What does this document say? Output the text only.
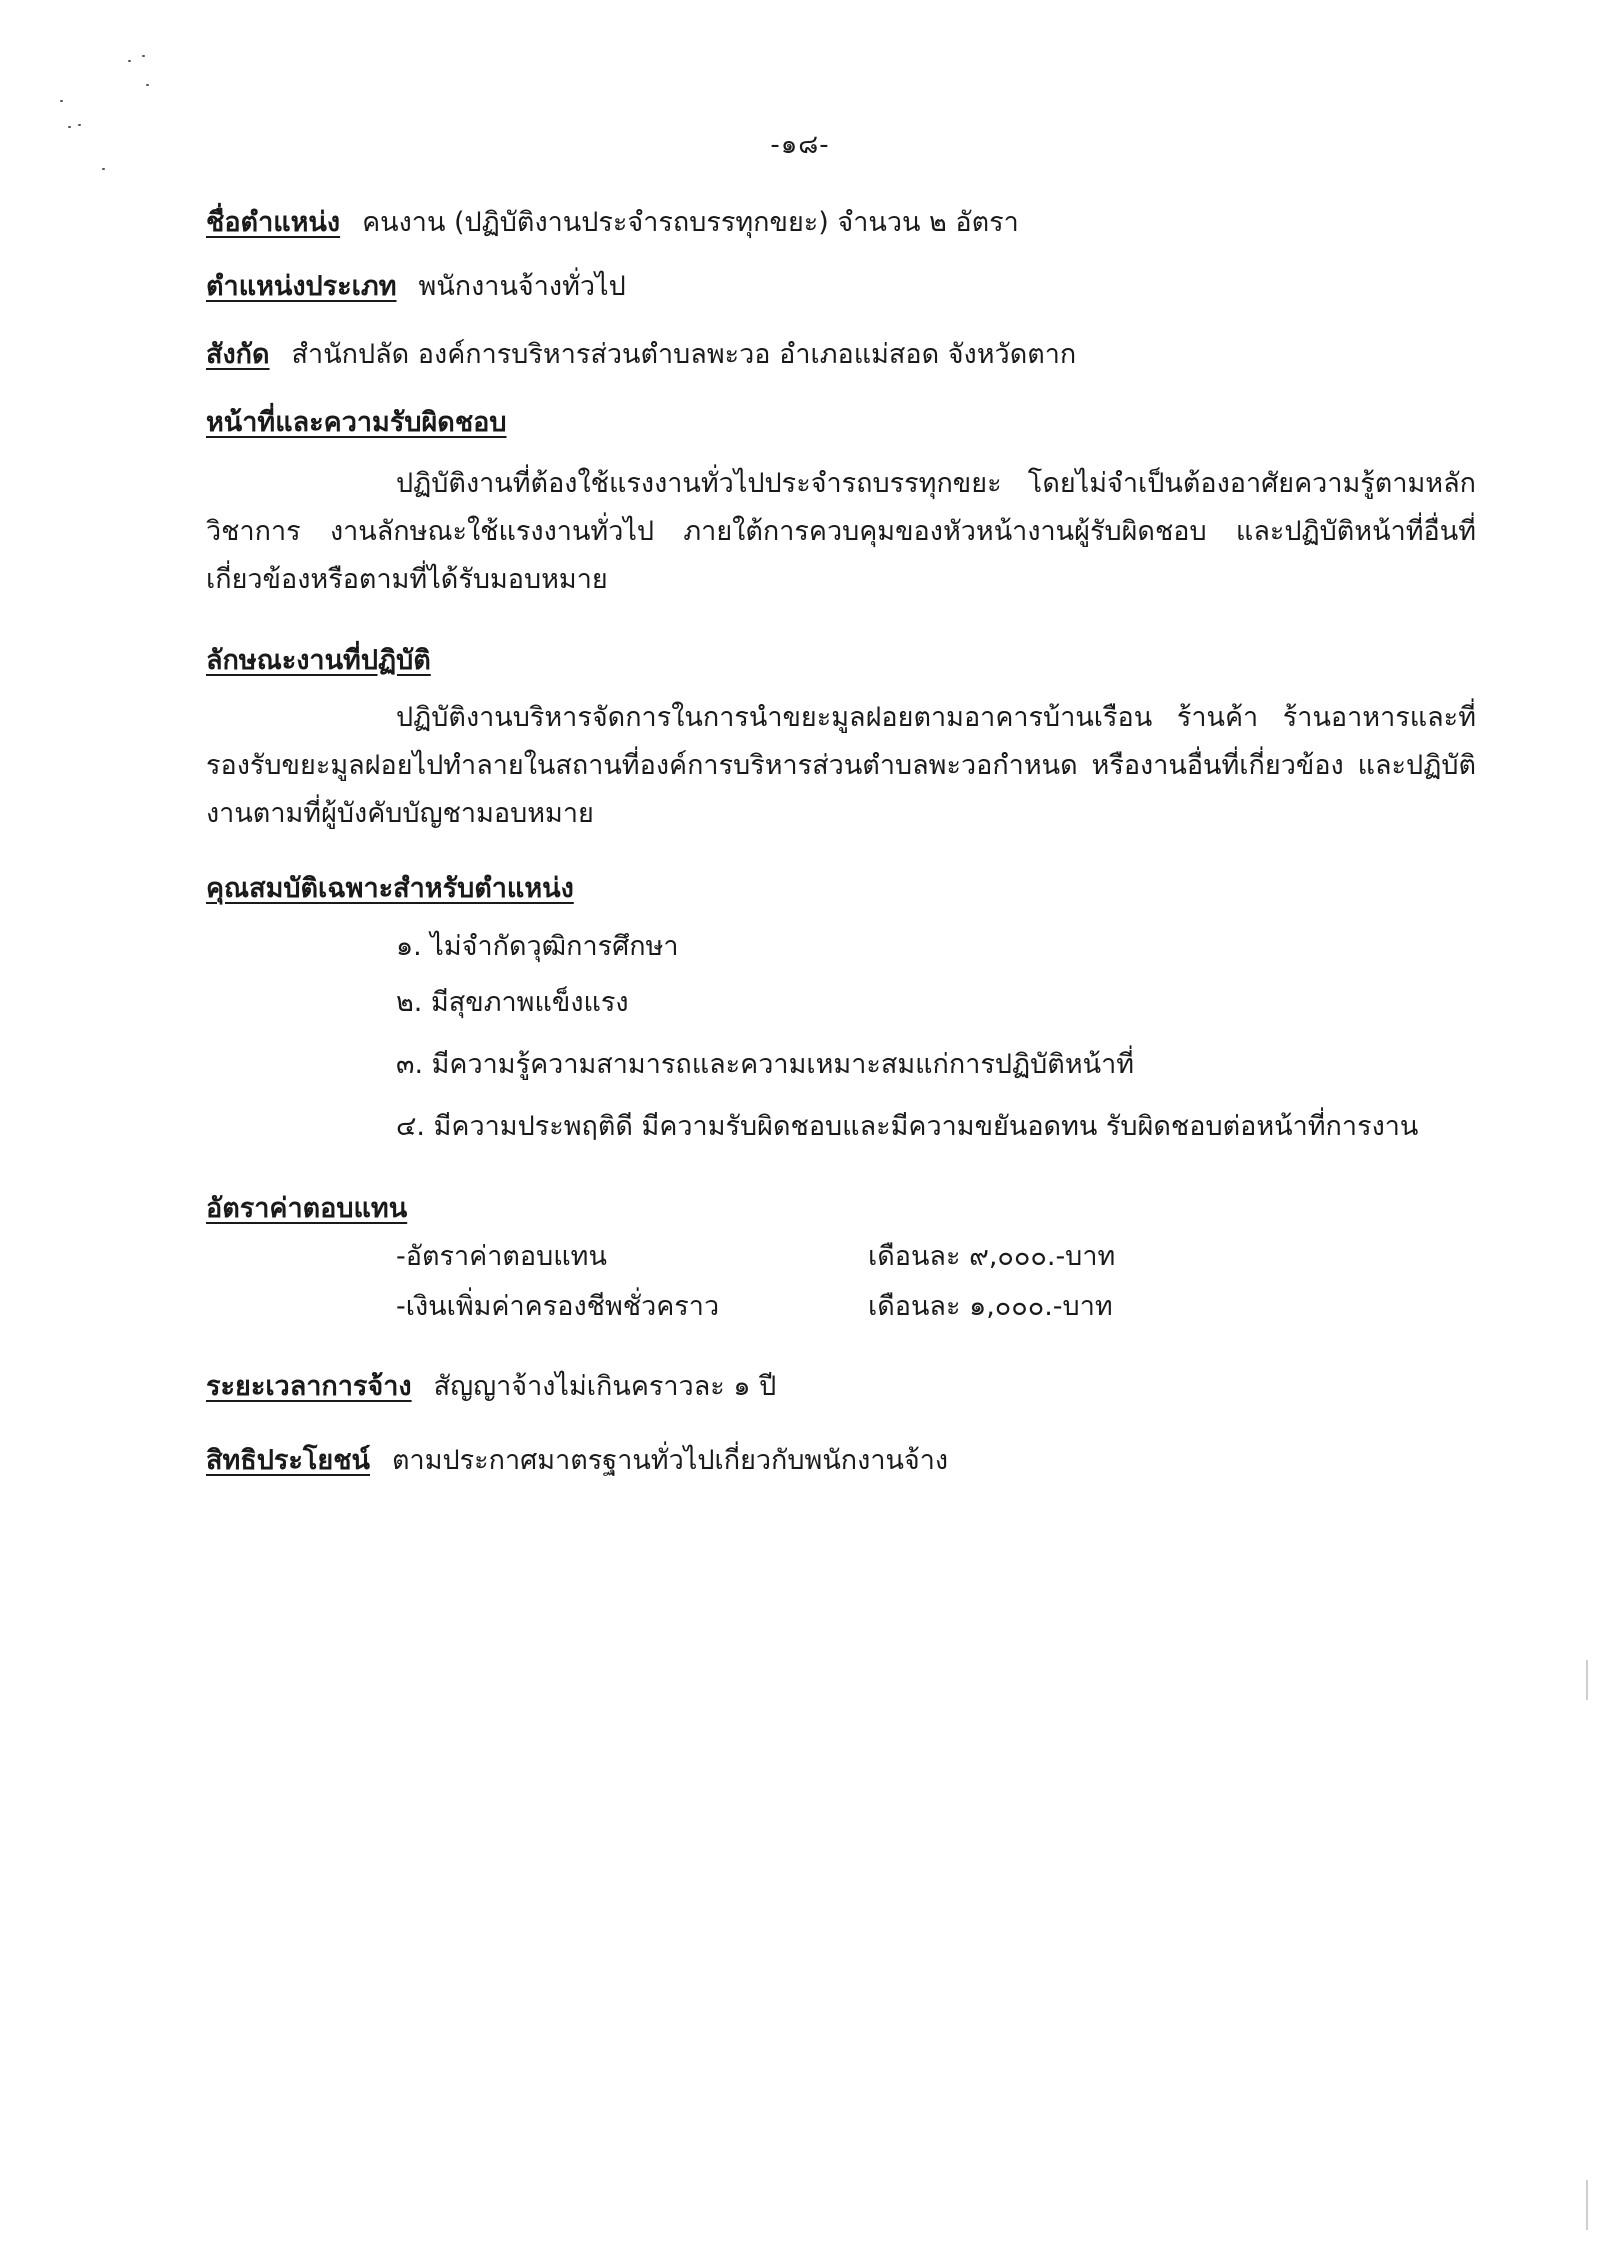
-๑๘-
ชื่อตำแหน่ง คนงาน (ปฏิบัติงานประจำรถบรรทุกขยะ) จำนวน ๒ อัตรา
ตำแหน่งประเภท พนักงานจ้างทั่วไป
สังกัด สำนักปลัด องค์การบริหารส่วนตำบลพะวอ อำเภอแม่สอด จังหวัดตาก
หน้าที่และความรับผิดชอบ
ปฏิบัติงานที่ต้องใช้แรงงานทั่วไปประจำรถบรรทุกขยะ โดยไม่จำเป็นต้องอาศัยความรู้ตามหลักวิชาการ งานลักษณะใช้แรงงานทั่วไป ภายใต้การควบคุมของหัวหน้างานผู้รับผิดชอบ และปฏิบัติหน้าที่อื่นที่เกี่ยวข้องหรือตามที่ได้รับมอบหมาย
ลักษณะงานที่ปฏิบัติ
ปฏิบัติงานบริหารจัดการในการนำขยะมูลฝอยตามอาคารบ้านเรือน ร้านค้า ร้านอาหารและที่รองรับขยะมูลฝอยไปทำลายในสถานที่องค์การบริหารส่วนตำบลพะวอกำหนด หรืองานอื่นที่เกี่ยวข้อง และปฏิบัติงานตามที่ผู้บังคับบัญชามอบหมาย
คุณสมบัติเฉพาะสำหรับตำแหน่ง
๑. ไม่จำกัดวุฒิการศึกษา
๒. มีสุขภาพแข็งแรง
๓. มีความรู้ความสามารถและความเหมาะสมแก่การปฏิบัติหน้าที่
๔. มีความประพฤติดี มีความรับผิดชอบและมีความขยันอดทน รับผิดชอบต่อหน้าที่การงาน
อัตราค่าตอบแทน
-อัตราค่าตอบแทน	เดือนละ ๙,๐๐๐.-บาท
-เงินเพิ่มค่าครองชีพชั่วคราว	เดือนละ ๑,๐๐๐.-บาท
ระยะเวลาการจ้าง สัญญาจ้างไม่เกินคราวละ ๑ ปี
สิทธิประโยชน์ ตามประกาศมาตรฐานทั่วไปเกี่ยวกับพนักงานจ้าง
